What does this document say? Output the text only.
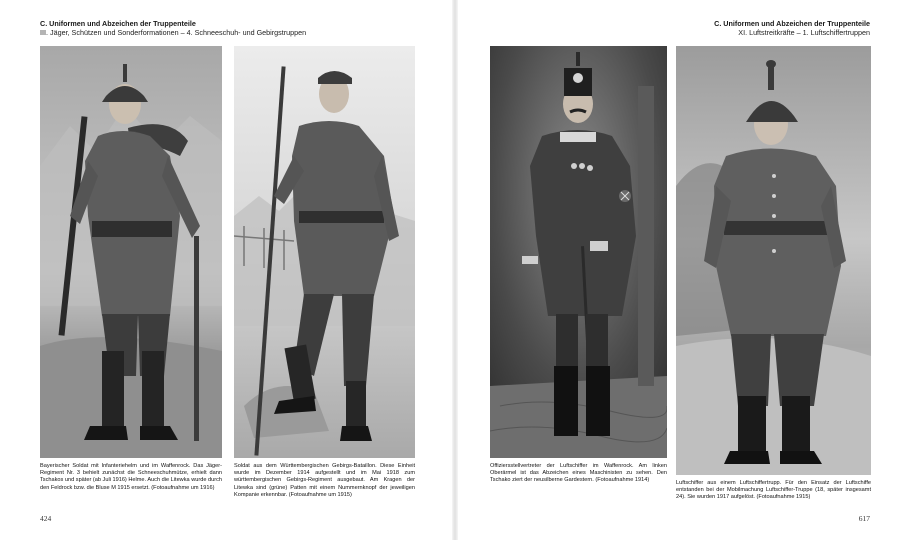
C. Uniformen und Abzeichen der Truppenteile
III. Jäger, Schützen und Sonderformationen – 4. Schneeschuh- und Gebirgstruppen
Bayerischer Soldat mit Infanteriehelm und im Waffenrock. Das Jäger-Regiment Nr. 3 behielt zunächst die Schneeschuhmütze, erhielt dann Tschakos und später (ab Juli 1916) Helme. Auch die Litewka wurde durch den Feldrock bzw. die Bluse M 1915 ersetzt. (Fotoaufnahme um 1916)
Soldat aus dem Württembergischen Gebirgs-Bataillon. Diese Einheit wurde im Dezember 1914 aufgestellt und im Mai 1918 zum württembergischen Gebirgs-Regiment ausgebaut. Am Kragen der Litewka sind (grüne) Patten mit einem Nummernknopf der jeweiligen Kompanie erkennbar. (Fotoaufnahme um 1915)
424
C. Uniformen und Abzeichen der Truppenteile
XI. Luftstreitkräfte – 1. Luftschiffertruppen
Offiziersstellvertreter der Luftschiffer im Waffenrock. Am linken Oberärmel ist das Abzeichen eines Maschinisten zu sehen. Den Tschako ziert der neusilberne Gardestern. (Fotoaufnahme 1914)	Luftschiffer aus einem Luftschiffertrupp. Für den Einsatz der Luftschiffe entstanden bei der Mobilmachung Luftschiffer-Truppe (18, später insgesamt 24). Sie wurden 1917 aufgelöst. (Fotoaufnahme 1915)
617
